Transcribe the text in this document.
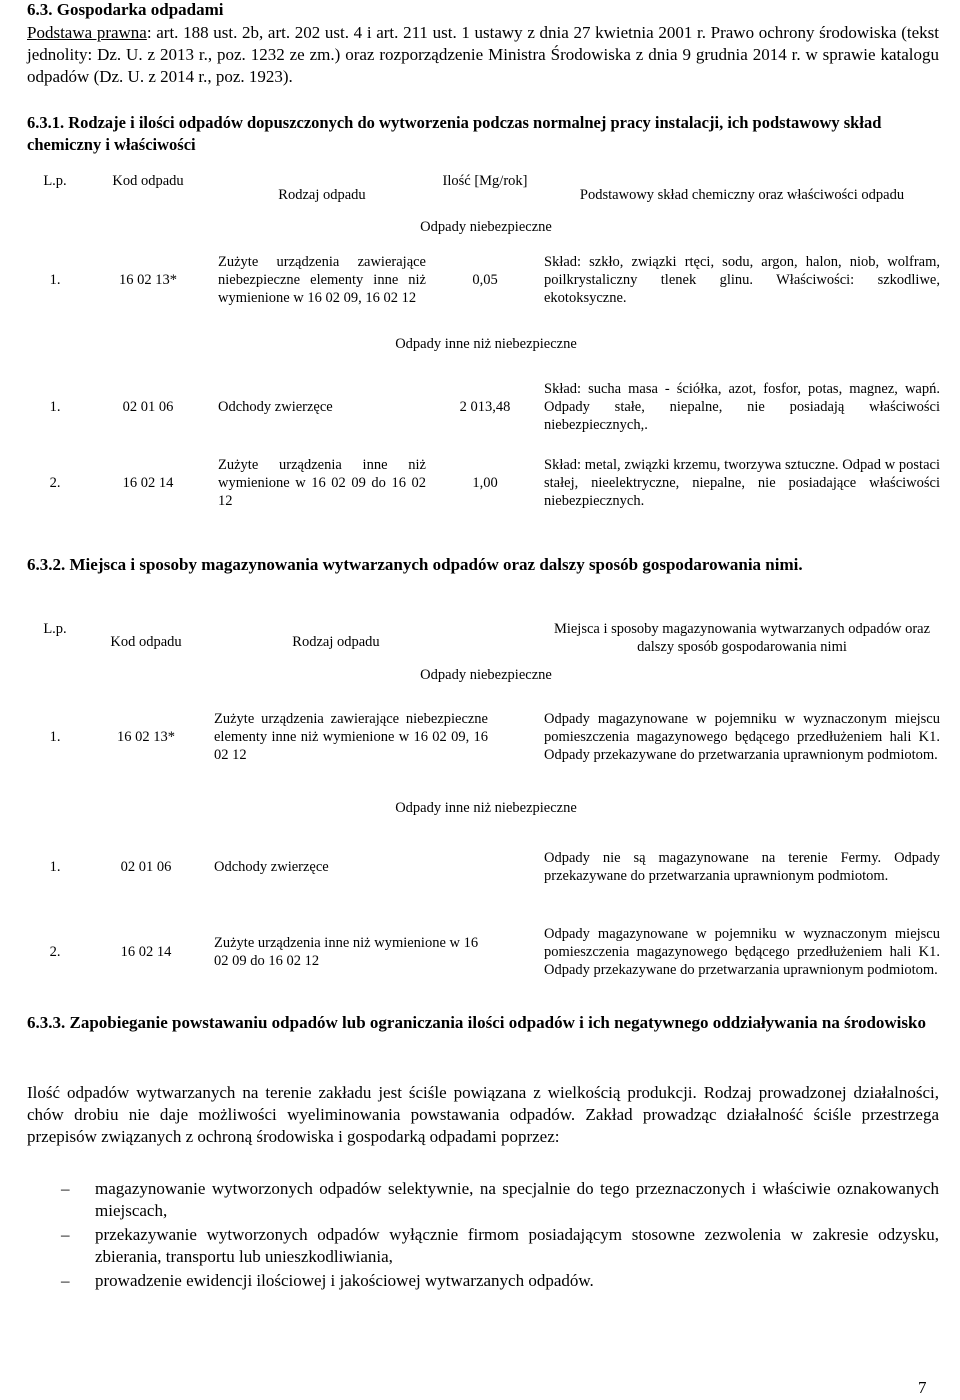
6.3. Gospodarka odpadami
Podstawa prawna: art. 188 ust. 2b, art. 202 ust. 4 i art. 211 ust. 1 ustawy z dnia 27 kwietnia 2001 r. Prawo ochrony środowiska (tekst jednolity: Dz. U. z 2013 r., poz. 1232 ze zm.) oraz rozporządzenie Ministra Środowiska z dnia 9 grudnia 2014 r. w sprawie katalogu odpadów (Dz. U. z 2014 r., poz. 1923).
6.3.1. Rodzaje i ilości odpadów dopuszczonych do wytworzenia podczas normalnej pracy instalacji, ich podstawowy skład chemiczny i właściwości
L.p.	Kod odpadu	Rodzaj odpadu	Ilość [Mg/rok]	Podstawowy skład chemiczny oraz właściwości odpadu
Odpady niebezpieczne				
1.	16 02 13*	Zużyte urządzenia zawierające niebezpieczne elementy inne niż wymienione w 16 02 09, 16 02 12	0,05	Skład: szkło, związki rtęci, sodu, argon, halon, niob, wolfram, poilkrystaliczny tlenek glinu. Właściwości: szkodliwe, ekotoksyczne.
Odpady inne niż niebezpieczne				
1.	02 01 06	Odchody zwierzęce	2 013,48	Skład: sucha masa - ściółka, azot, fosfor, potas, magnez, wapń. Odpady stałe, niepalne, nie posiadają właściwości niebezpiecznych,.
2.	16 02 14	Zużyte urządzenia inne niż wymienione w 16 02 09 do 16 02 12	1,00	Skład: metal, związki krzemu, tworzywa sztuczne. Odpad w postaci stałej, nieelektryczne, niepalne, nie posiadające właściwości niebezpiecznych.
6.3.2. Miejsca i sposoby magazynowania wytwarzanych odpadów oraz dalszy sposób gospodarowania nimi.
L.p.	Kod odpadu	Rodzaj odpadu	Miejsca i sposoby magazynowania wytwarzanych odpadów oraz dalszy sposób gospodarowania nimi
Odpady niebezpieczne			
1.	16 02 13*	Zużyte urządzenia zawierające niebezpieczne elementy inne niż wymienione w 16 02 09, 16 02 12	Odpady magazynowane w pojemniku w wyznaczonym miejscu pomieszczenia magazynowego będącego przedłużeniem hali K1. Odpady przekazywane do przetwarzania uprawnionym podmiotom.
Odpady inne niż niebezpieczne			
1.	02 01 06	Odchody zwierzęce	Odpady nie są magazynowane na terenie Fermy. Odpady przekazywane do przetwarzania uprawnionym podmiotom.
2.	16 02 14	Zużyte urządzenia inne niż wymienione w 16 02 09 do 16 02 12	Odpady magazynowane w pojemniku w wyznaczonym miejscu pomieszczenia magazynowego będącego przedłużeniem hali K1. Odpady przekazywane do przetwarzania uprawnionym podmiotom.
6.3.3. Zapobieganie powstawaniu odpadów lub ograniczania ilości odpadów i ich negatywnego oddziaływania na środowisko
Ilość odpadów wytwarzanych na terenie zakładu jest ściśle powiązana z wielkością produkcji. Rodzaj prowadzonej działalności, chów drobiu nie daje możliwości wyeliminowania powstawania odpadów. Zakład prowadząc działalność ściśle przestrzega przepisów związanych z ochroną środowiska i gospodarką odpadami poprzez:
– magazynowanie wytworzonych odpadów selektywnie, na specjalnie do tego przeznaczonych i właściwie oznakowanych miejscach,
– przekazywanie wytworzonych odpadów wyłącznie firmom posiadającym stosowne zezwolenia w zakresie odzysku, zbierania, transportu lub unieszkodliwiania,
– prowadzenie ewidencji ilościowej i jakościowej wytwarzanych odpadów.
7
